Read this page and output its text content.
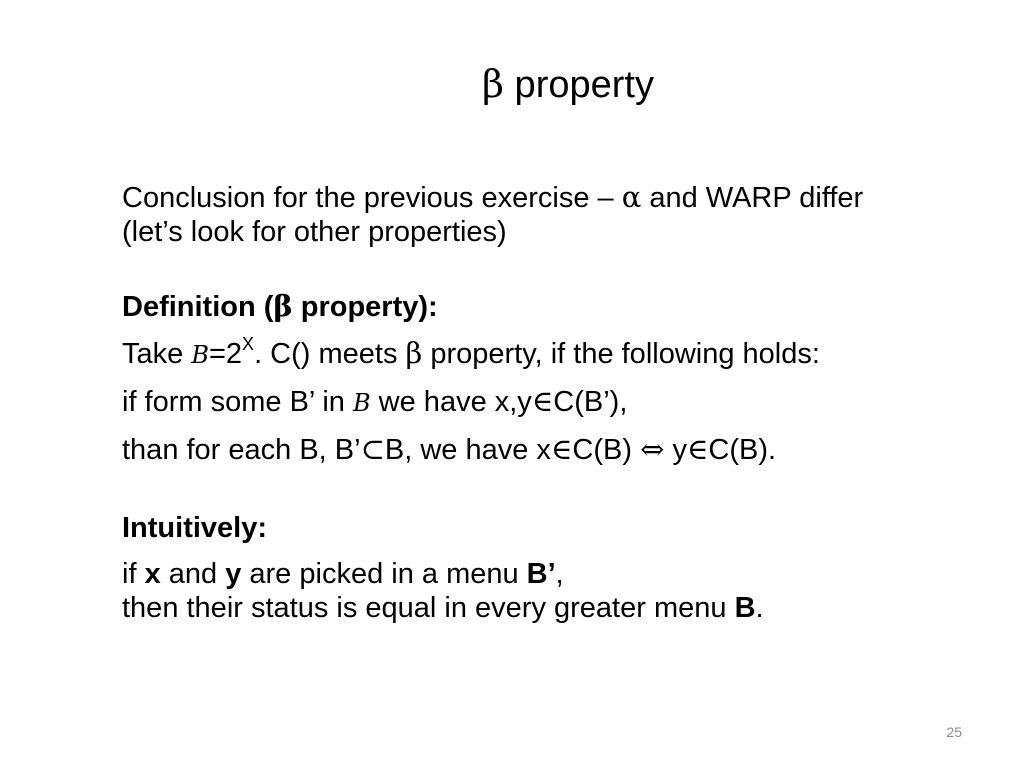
β property
Conclusion for the previous exercise – α and WARP differ
(let’s look for other properties)
Definition (β property):
Take $B=2^X$. C() meets β property, if the following holds:
if form some B’ in B we have x,y∈C(B’),
than for each B, B’⊂B, we have x∈C(B) ⇔ y∈C(B).
Intuitively:
if x and y are picked in a menu B’,
then their status is equal in every greater menu B.
25
